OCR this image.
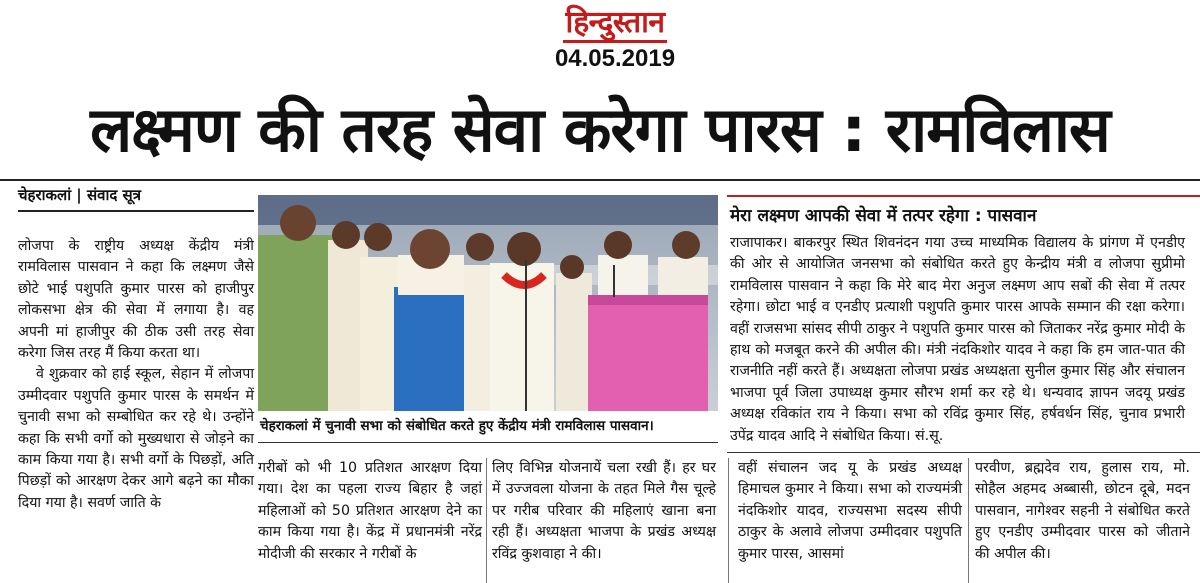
हिन्दुस्तान
04.05.2019
लक्ष्मण की तरह सेवा करेगा पारस : रामविलास
चेहराकलां | संवाद सूत्र

लोजपा के राष्ट्रीय अध्यक्ष केंद्रीय मंत्री रामविलास पासवान ने कहा कि लक्ष्मण जैसे छोटे भाई पशुपति कुमार पारस को हाजीपुर लोकसभा क्षेत्र की सेवा में लगाया है। वह अपनी मां हाजीपुर की ठीक उसी तरह सेवा करेगा जिस तरह मैं किया करता था।

वे शुक्रवार को हाई स्कूल, सेहान में लोजपा उम्मीदवार पशुपति कुमार पारस के समर्थन में चुनावी सभा को सम्बोधित कर रहे थे। उन्होंने कहा कि सभी वर्गो को मुख्यधारा से जोड़ने का काम किया गया है। सभी वर्गो के पिछड़ों, अति पिछड़ों को आरक्षण देकर आगे बढ़ने का मौका दिया गया है। सवर्ण जाति के

चेहराकलां में चुनावी सभा को संबोधित करते हुए केंद्रीय मंत्री रामविलास पासवान।
मेरा लक्ष्मण आपकी सेवा में तत्पर रहेगा : पासवान

राजापाकर। बाकरपुर स्थित शिवनंदन गया उच्च माध्यमिक विद्यालय के प्रांगण में एनडीए की ओर से आयोजित जनसभा को संबोधित करते हुए केन्द्रीय मंत्री व लोजपा सुप्रीमो रामविलास पासवान ने कहा कि मेरे बाद मेरा अनुज लक्ष्मण आप सबों की सेवा में तत्पर रहेगा। छोटा भाई व एनडीए प्रत्याशी पशुपति कुमार पारस आपके सम्मान की रक्षा करेगा। वहीं राजसभा सांसद सीपी ठाकुर ने पशुपति कुमार पारस को जिताकर नरेंद्र कुमार मोदी के हाथ को मजबूत करने की अपील की। मंत्री नंदकिशोर यादव ने कहा कि हम जात-पात की राजनीति नहीं करते हैं। अध्यक्षता लोजपा प्रखंड अध्यक्षता सुनील कुमार सिंह और संचालन भाजपा पूर्व जिला उपाध्यक्ष कुमार सौरभ शर्मा कर रहे थे। धन्यवाद ज्ञापन जदयू प्रखंड अध्यक्ष रविकांत राय ने किया। सभा को रविंद्र कुमार सिंह, हर्षवर्धन सिंह, चुनाव प्रभारी उपेंद्र यादव आदि ने संबोधित किया। सं.सू.

गरीबों को भी 10 प्रतिशत आरक्षण दिया गया। देश का पहला राज्य बिहार है जहां महिलाओं को 50 प्रतिशत आरक्षण देने का काम किया गया है। केंद्र में प्रधानमंत्री नरेंद्र मोदीजी की सरकार ने गरीबों के

लिए विभिन्न योजनायें चला रखी हैं। हर घर में उज्जवला योजना के तहत मिले गैस चूल्हे पर गरीब परिवार की महिलाएं खाना बना रही हैं। अध्यक्षता भाजपा के प्रखंड अध्यक्ष रविंद्र कुशवाहा ने की।

वहीं संचालन जद यू के प्रखंड अध्यक्ष हिमाचल कुमार ने किया। सभा को राज्यमंत्री नंदकिशोर यादव, राज्यसभा सदस्य सीपी ठाकुर के अलावे लोजपा उम्मीदवार पशुपति कुमार पारस, आसमां

परवीण, ब्रह्मदेव राय, हुलास राय, मो. सोहैल अहमद अब्बासी, छोटन दूबे, मदन पासवान, नागेश्वर सहनी ने संबोधित करते हुए एनडीए उम्मीदवार पारस को जीताने की अपील की।
